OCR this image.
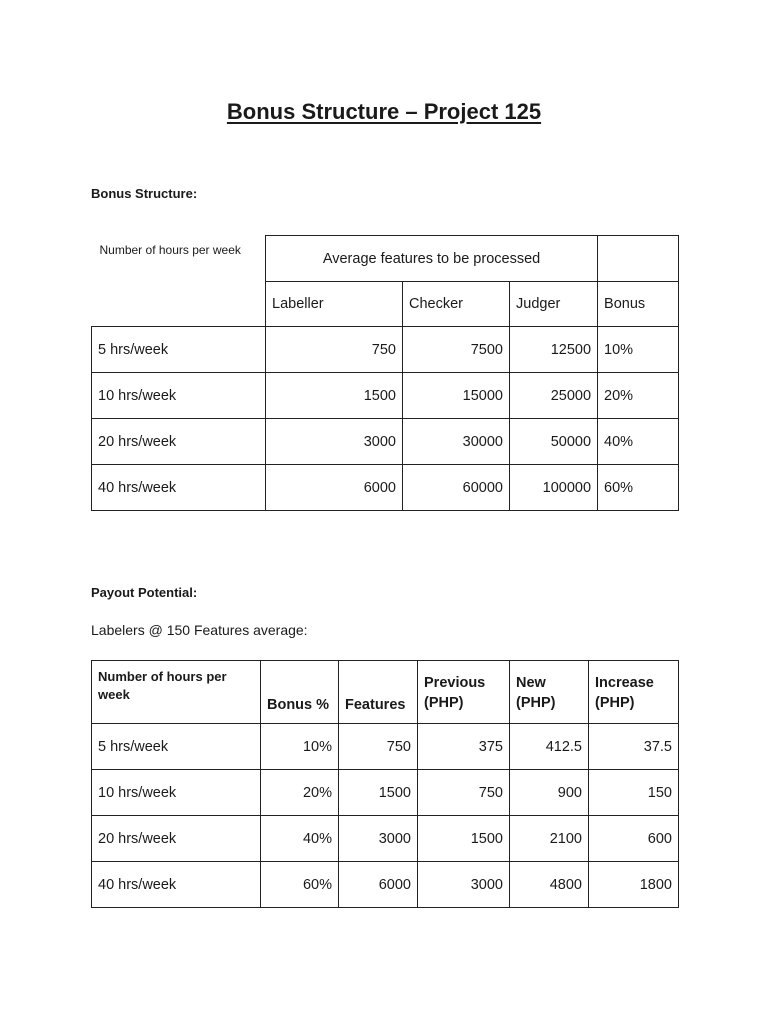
Bonus Structure – Project 125
Bonus Structure:
Number of hours per week	Average features to be processed			
	Labeller	Checker	Judger	Bonus
5 hrs/week	750	7500	12500	10%
10 hrs/week	1500	15000	25000	20%
20 hrs/week	3000	30000	50000	40%
40 hrs/week	6000	60000	100000	60%
Payout Potential:
Labelers @ 150 Features average:
Number of hours per week	Bonus %	Features	Previous (PHP)	New (PHP)	Increase (PHP)
5 hrs/week	10%	750	375	412.5	37.5
10 hrs/week	20%	1500	750	900	150
20 hrs/week	40%	3000	1500	2100	600
40 hrs/week	60%	6000	3000	4800	1800
